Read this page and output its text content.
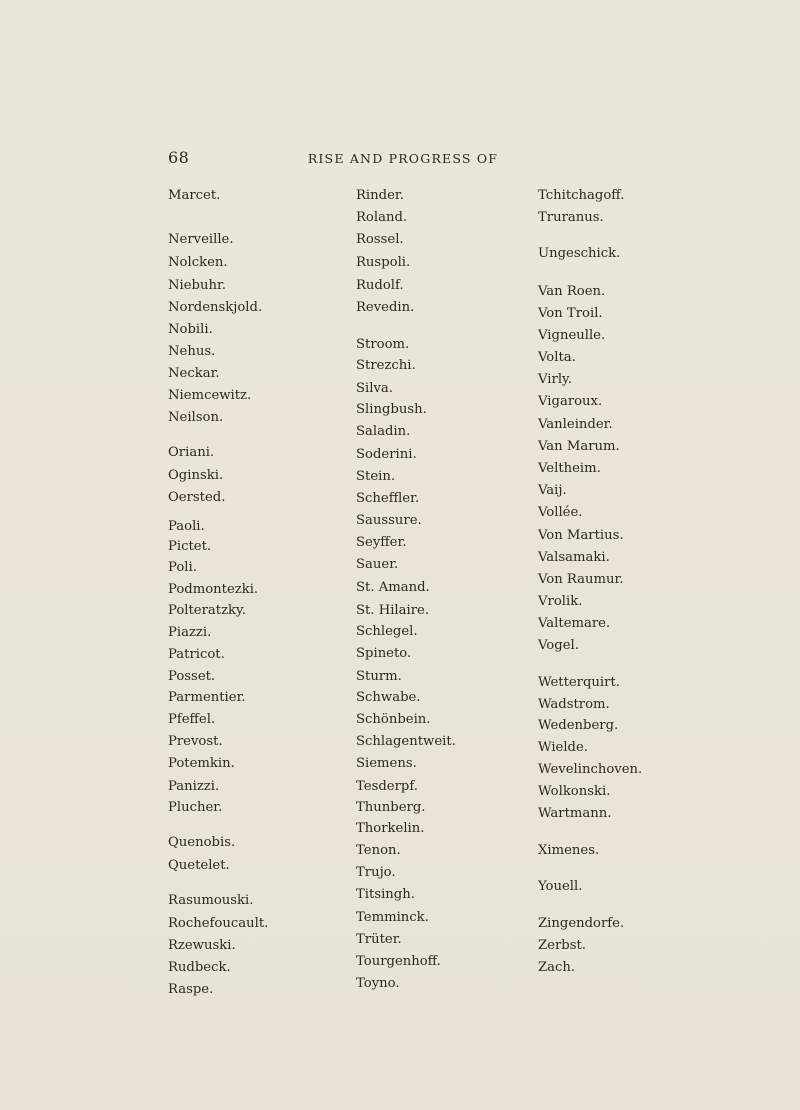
68	RISE AND PROGRESS OF
Marcet.
Nerveille.
Nolcken.
Niebuhr.
Nordenskjold.
Nobili.
Nehus.
Neckar.
Niemcewitz.
Neilson.
Oriani.
Oginski.
Oersted.
Paoli.
Pictet.
Poli.
Podmontezki.
Polteratzky.
Piazzi.
Patricot.
Posset.
Parmentier.
Pfeffel.
Prevost.
Potemkin.
Panizzi.
Plucher.
Quenobis.
Quetelet.
Rasumouski.
Rochefoucault.
Rzewuski.
Rudbeck.
Raspe.
Rinder.
Roland.
Rossel.
Ruspoli.
Rudolf.
Revedin.
Stroom.
Strezchi.
Silva.
Slingbush.
Saladin.
Soderini.
Stein.
Scheffler.
Saussure.
Seyffer.
Sauer.
St. Amand.
St. Hilaire.
Schlegel.
Spineto.
Sturm.
Schwabe.
Schönbein.
Schlagentweit.
Siemens.
Tesderpf.
Thunberg.
Thorkelin.
Tenon.
Trujo.
Titsingh.
Temminck.
Trüter.
Tourgenhoff.
Toyno.
Tchitchagoff.
Truranus.
Ungeschick.
Van Roen.
Von Troil.
Vigneulle.
Volta.
Virly.
Vigaroux.
Vanleinder.
Van Marum.
Veltheim.
Vaij.
Vollée.
Von Martius.
Valsamaki.
Von Raumur.
Vrolik.
Valtemare.
Vogel.
Wetterquirt.
Wadstrom.
Wedenberg.
Wielde.
Wevelinchoven.
Wolkonski.
Wartmann.
Ximenes.
Youell.
Zingendorfe.
Zerbst.
Zach.
